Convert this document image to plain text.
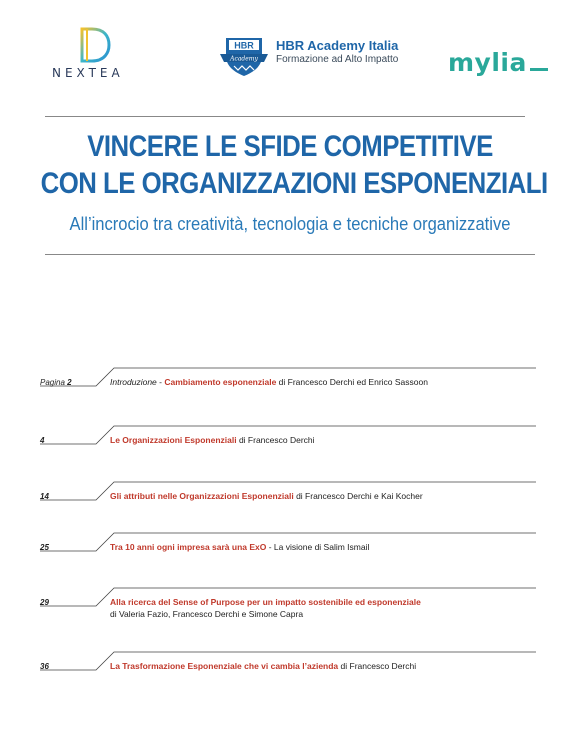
NEXTEA
HBR
Academy
HBR Academy Italia
Formazione ad Alto Impatto mylia
VINCERE LE SFIDE COMPETITIVE
CON LE ORGANIZZAZIONI ESPONENZIALI
All’incrocio tra creatività, tecnologia e tecniche organizzative
Pagina 2	Introduzione - Cambiamento esponenziale di Francesco Derchi ed Enrico Sassoon

4	Le Organizzazioni Esponenziali di Francesco Derchi

14	Gli attributi nelle Organizzazioni Esponenziali di Francesco Derchi e Kai Kocher

25	Tra 10 anni ogni impresa sarà una ExO - La visione di Salim Ismail

29	Alla ricerca del Sense of Purpose per un impatto sostenibile ed esponenziale
di Valeria Fazio, Francesco Derchi e Simone Capra
36	La Trasformazione Esponenziale che vi cambia l’azienda di Francesco Derchi
